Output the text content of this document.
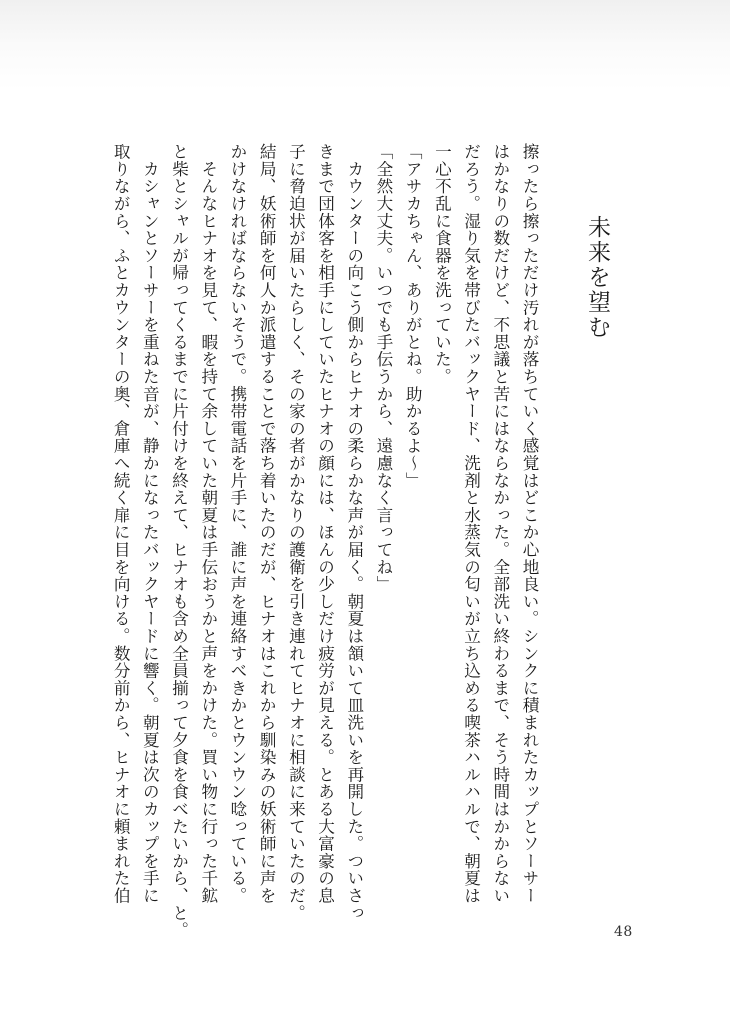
未来を望む
擦ったら擦っただけ汚れが落ちていく感覚はどこか心地良い。シンクに積まれたカップとソーサー
はかなりの数だけど、不思議と苦にはならなかった。全部洗い終わるまで、そう時間はかからない
だろう。湿り気を帯びたバックヤード、洗剤と水蒸気の匂いが立ち込める喫茶ハルハルで、朝夏は
一心不乱に食器を洗っていた。
「アサカちゃん、ありがとね。助かるよ〜」
「全然大丈夫。いつでも手伝うから、遠慮なく言ってね」
　カウンターの向こう側からヒナオの柔らかな声が届く。朝夏は頷いて皿洗いを再開した。ついさっ
きまで団体客を相手にしていたヒナオの顔には、ほんの少しだけ疲労が見える。とある大富豪の息
子に脅迫状が届いたらしく、その家の者がかなりの護衛を引き連れてヒナオに相談に来ていたのだ。
結局、妖術師を何人か派遣することで落ち着いたのだが、ヒナオはこれから馴染みの妖術師に声を
かけなければならないそうで。携帯電話を片手に、誰に声を連絡すべきかとウンウン唸っている。
　そんなヒナオを見て、暇を持て余していた朝夏は手伝おうかと声をかけた。買い物に行った千鉱
と柴とシャルが帰ってくるまでに片付けを終えて、ヒナオも含め全員揃って夕食を食べたいから、と。
　カシャンとソーサーを重ねた音が、静かになったバックヤードに響く。朝夏は次のカップを手に
取りながら、ふとカウンターの奥、倉庫へ続く扉に目を向ける。数分前から、ヒナオに頼まれた伯
48
